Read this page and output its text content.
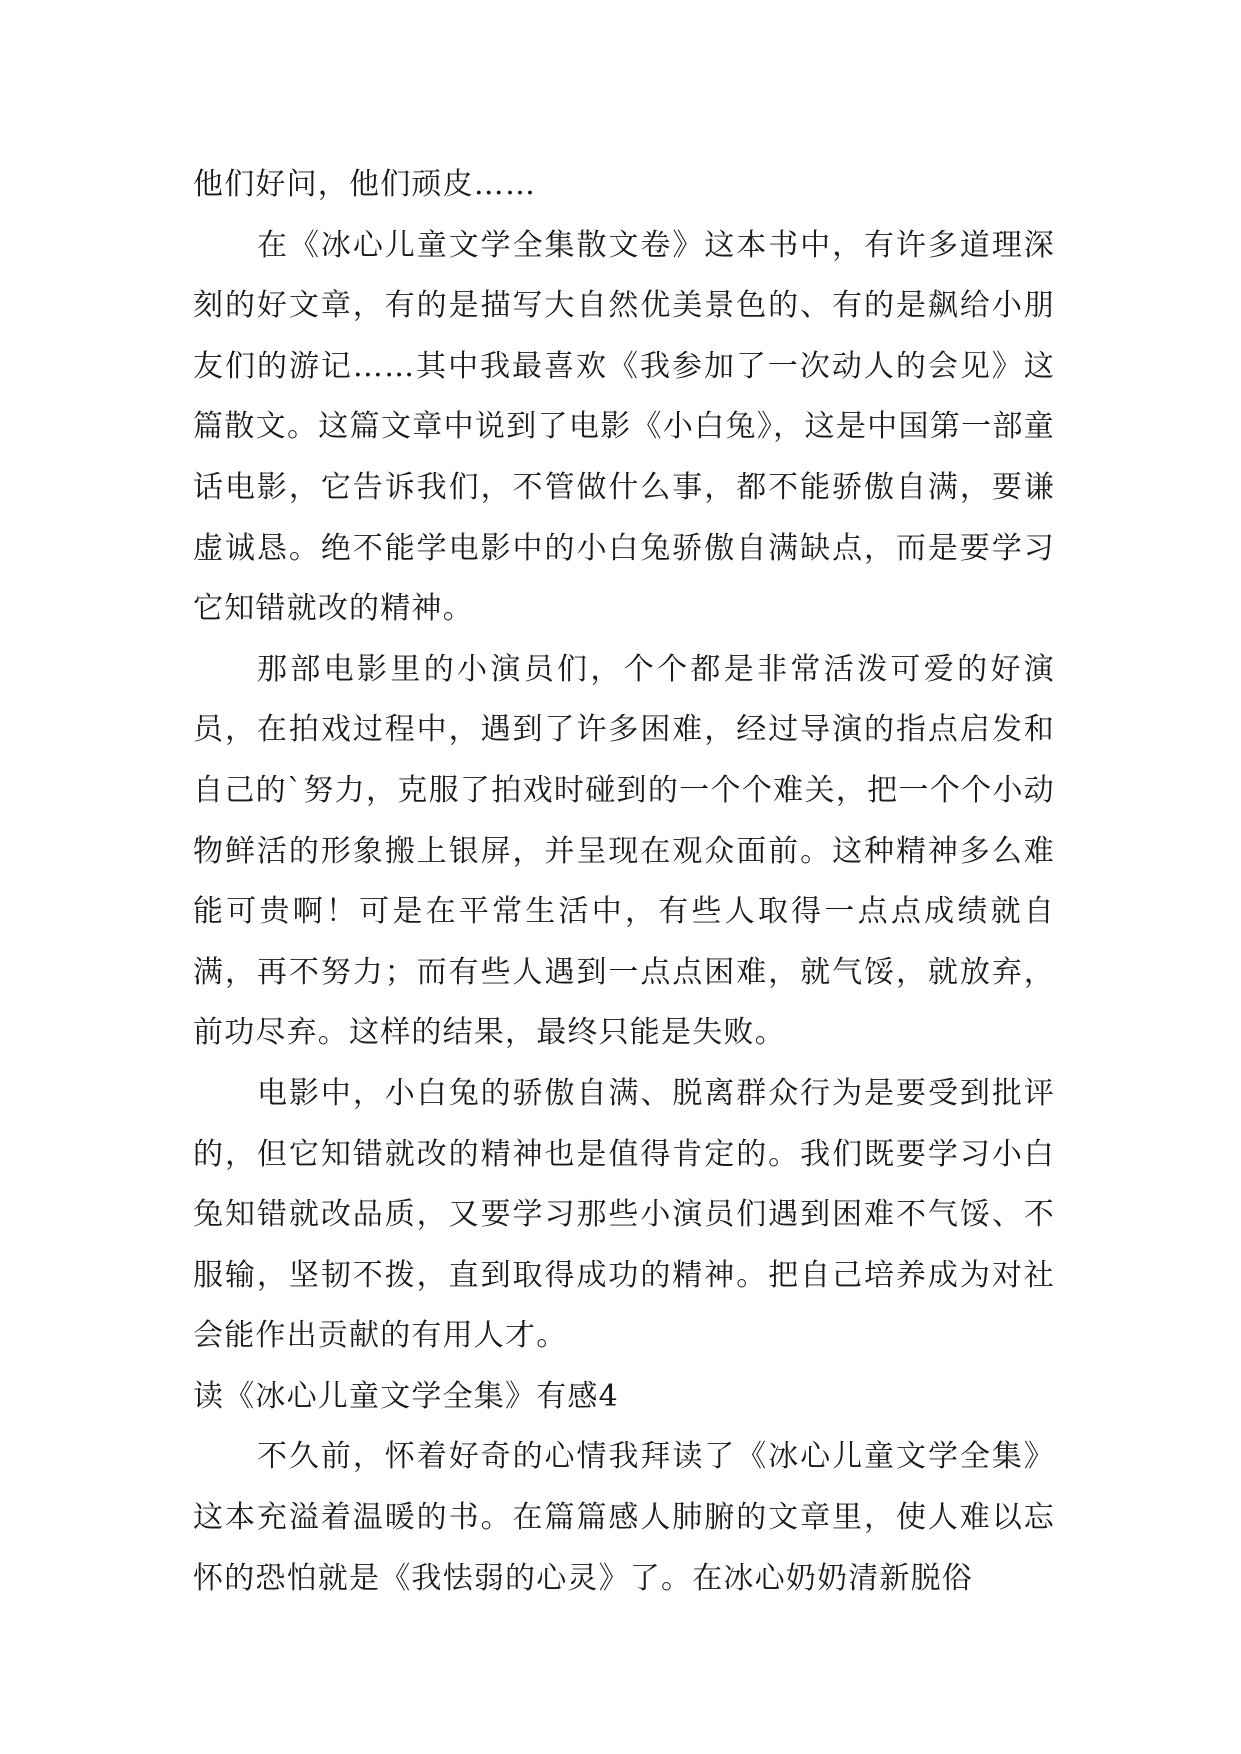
他们好问，他们顽皮……

在《冰心儿童文学全集散文卷》这本书中，有许多道理深刻的好文章，有的是描写大自然优美景色的、有的是飙给小朋友们的游记……其中我最喜欢《我参加了一次动人的会见》这篇散文。这篇文章中说到了电影《小白兔》，这是中国第一部童话电影，它告诉我们，不管做什么事，都不能骄傲自满，要谦虚诚恳。绝不能学电影中的小白兔骄傲自满缺点，而是要学习它知错就改的精神。

那部电影里的小演员们，个个都是非常活泼可爱的好演员，在拍戏过程中，遇到了许多困难，经过导演的指点启发和自己的`努力，克服了拍戏时碰到的一个个难关，把一个个小动物鲜活的形象搬上银屏，并呈现在观众面前。这种精神多么难能可贵啊！可是在平常生活中，有些人取得一点点成绩就自满，再不努力；而有些人遇到一点点困难，就气馁，就放弃，前功尽弃。这样的结果，最终只能是失败。

电影中，小白兔的骄傲自满、脱离群众行为是要受到批评的，但它知错就改的精神也是值得肯定的。我们既要学习小白兔知错就改品质，又要学习那些小演员们遇到困难不气馁、不服输，坚韧不拨，直到取得成功的精神。把自己培养成为对社会能作出贡献的有用人才。

读《冰心儿童文学全集》有感4

不久前，怀着好奇的心情我拜读了《冰心儿童文学全集》这本充溢着温暖的书。在篇篇感人肺腑的文章里，使人难以忘怀的恐怕就是《我怯弱的心灵》了。在冰心奶奶清新脱俗
